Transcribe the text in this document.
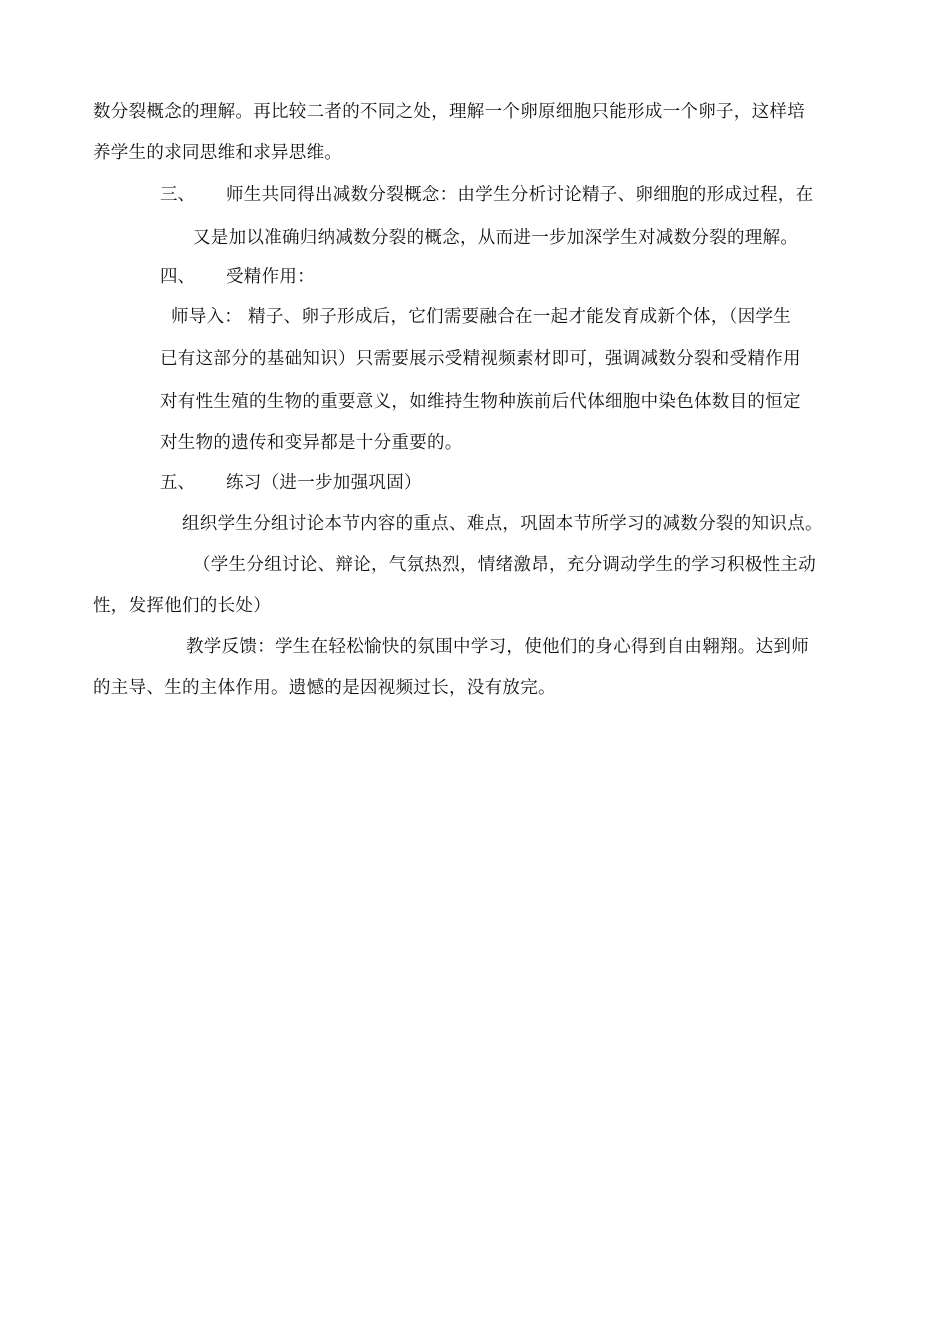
数分裂概念的理解。再比较二者的不同之处，理解一个卵原细胞只能形成一个卵子，这样培
养学生的求同思维和求异思维。
三、 师生共同得出减数分裂概念：由学生分析讨论精子、卵细胞的形成过程，在
又是加以准确归纳减数分裂的概念，从而进一步加深学生对减数分裂的理解。
四、 受精作用：
师导入： 精子、卵子形成后，它们需要融合在一起才能发育成新个体，（因学生
已有这部分的基础知识）只需要展示受精视频素材即可，强调减数分裂和受精作用
对有性生殖的生物的重要意义，如维持生物种族前后代体细胞中染色体数目的恒定
对生物的遗传和变异都是十分重要的。
五、 练习（进一步加强巩固）
组织学生分组讨论本节内容的重点、难点，巩固本节所学习的减数分裂的知识点。
（学生分组讨论、辩论，气氛热烈，情绪激昂，充分调动学生的学习积极性主动
性，发挥他们的长处）
教学反馈：学生在轻松愉快的氛围中学习，使他们的身心得到自由翱翔。达到师
的主导、生的主体作用。遗憾的是因视频过长，没有放完。
